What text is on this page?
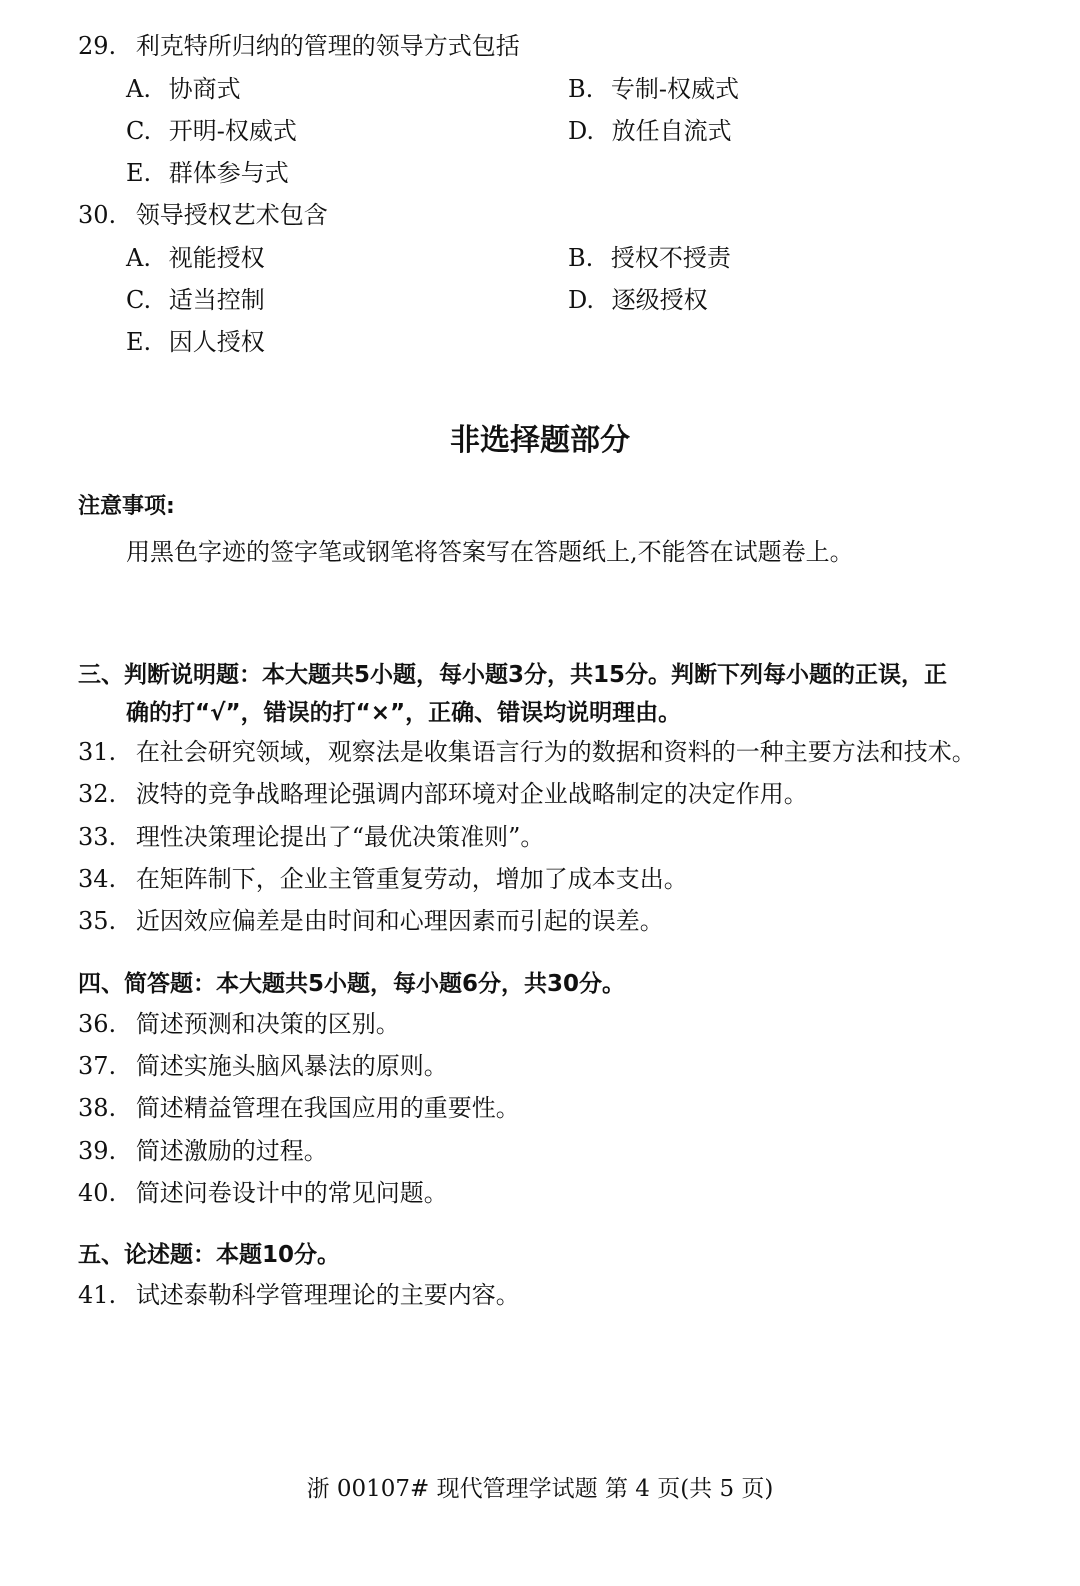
29. 利克特所归纳的管理的领导方式包括
A. 协商式	B. 专制-权威式
C. 开明-权威式	D. 放任自流式
E. 群体参与式
30. 领导授权艺术包含
A. 视能授权	B. 授权不授责
C. 适当控制	D. 逐级授权
E. 因人授权
非选择题部分
注意事项:
用黑色字迹的签字笔或钢笔将答案写在答题纸上,不能答在试题卷上。
三、判断说明题：本大题共5小题，每小题3分，共15分。判断下列每小题的正误，正
确的打“√”，错误的打“×”，正确、错误均说明理由。
31. 在社会研究领域，观察法是收集语言行为的数据和资料的一种主要方法和技术。
32. 波特的竞争战略理论强调内部环境对企业战略制定的决定作用。
33. 理性决策理论提出了“最优决策准则”。
34. 在矩阵制下，企业主管重复劳动，增加了成本支出。
35. 近因效应偏差是由时间和心理因素而引起的误差。
四、简答题：本大题共5小题，每小题6分，共30分。
36. 简述预测和决策的区别。
37. 简述实施头脑风暴法的原则。
38. 简述精益管理在我国应用的重要性。
39. 简述激励的过程。
40. 简述问卷设计中的常见问题。
五、论述题：本题10分。
41. 试述泰勒科学管理理论的主要内容。
浙 00107# 现代管理学试题 第 4 页(共 5 页)
